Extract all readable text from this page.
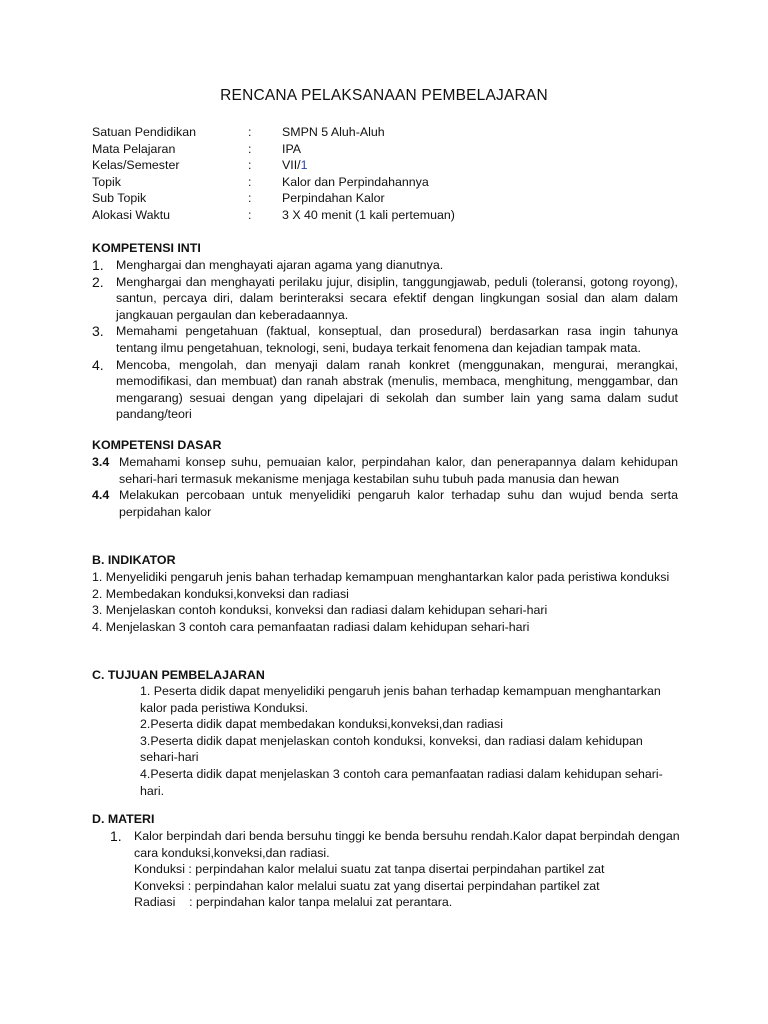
RENCANA PELAKSANAAN PEMBELAJARAN
Satuan Pendidikan	:	SMPN 5 Aluh-Aluh
Mata Pelajaran	:	IPA
Kelas/Semester	:	VII/1
Topik	:	Kalor dan Perpindahannya
Sub Topik	:	Perpindahan Kalor
Alokasi Waktu	:	3 X 40 menit (1 kali pertemuan)
KOMPETENSI INTI
1. Menghargai dan menghayati ajaran agama yang dianutnya.
2. Menghargai dan menghayati perilaku jujur, disiplin, tanggungjawab, peduli (toleransi, gotong royong), santun, percaya diri, dalam berinteraksi secara efektif dengan lingkungan sosial dan alam dalam jangkauan pergaulan dan keberadaannya.
3. Memahami pengetahuan (faktual, konseptual, dan prosedural) berdasarkan rasa ingin tahunya tentang ilmu pengetahuan, teknologi, seni, budaya terkait fenomena dan kejadian tampak mata.
4. Mencoba, mengolah, dan menyaji dalam ranah konkret (menggunakan, mengurai, merangkai, memodifikasi, dan membuat) dan ranah abstrak (menulis, membaca, menghitung, menggambar, dan mengarang) sesuai dengan yang dipelajari di sekolah dan sumber lain yang sama dalam sudut pandang/teori
KOMPETENSI DASAR
3.4 Memahami konsep suhu, pemuaian kalor, perpindahan kalor, dan penerapannya dalam kehidupan sehari-hari termasuk mekanisme menjaga kestabilan suhu tubuh pada manusia dan hewan
4.4 Melakukan percobaan untuk menyelidiki pengaruh kalor terhadap suhu dan wujud benda serta perpidahan kalor
B. INDIKATOR
1. Menyelidiki pengaruh jenis bahan terhadap kemampuan menghantarkan kalor pada peristiwa konduksi
2. Membedakan konduksi,konveksi dan radiasi
3. Menjelaskan contoh konduksi, konveksi dan radiasi dalam kehidupan sehari-hari
4. Menjelaskan 3 contoh cara pemanfaatan radiasi dalam kehidupan sehari-hari
C. TUJUAN PEMBELAJARAN
1. Peserta didik dapat menyelidiki pengaruh jenis bahan terhadap kemampuan menghantarkan kalor pada peristiwa Konduksi.
2.Peserta didik dapat membedakan konduksi,konveksi,dan radiasi
3.Peserta didik dapat menjelaskan contoh konduksi, konveksi, dan radiasi dalam kehidupan sehari-hari
4.Peserta didik dapat menjelaskan 3 contoh cara pemanfaatan radiasi dalam kehidupan sehari-hari.
D. MATERI
1. Kalor berpindah dari benda bersuhu tinggi ke benda bersuhu rendah.Kalor dapat berpindah dengan cara konduksi,konveksi,dan radiasi.
Konduksi : perpindahan kalor melalui suatu zat tanpa disertai perpindahan partikel zat
Konveksi : perpindahan kalor melalui suatu zat yang disertai perpindahan partikel zat
Radiasi    : perpindahan kalor tanpa melalui zat perantara.
